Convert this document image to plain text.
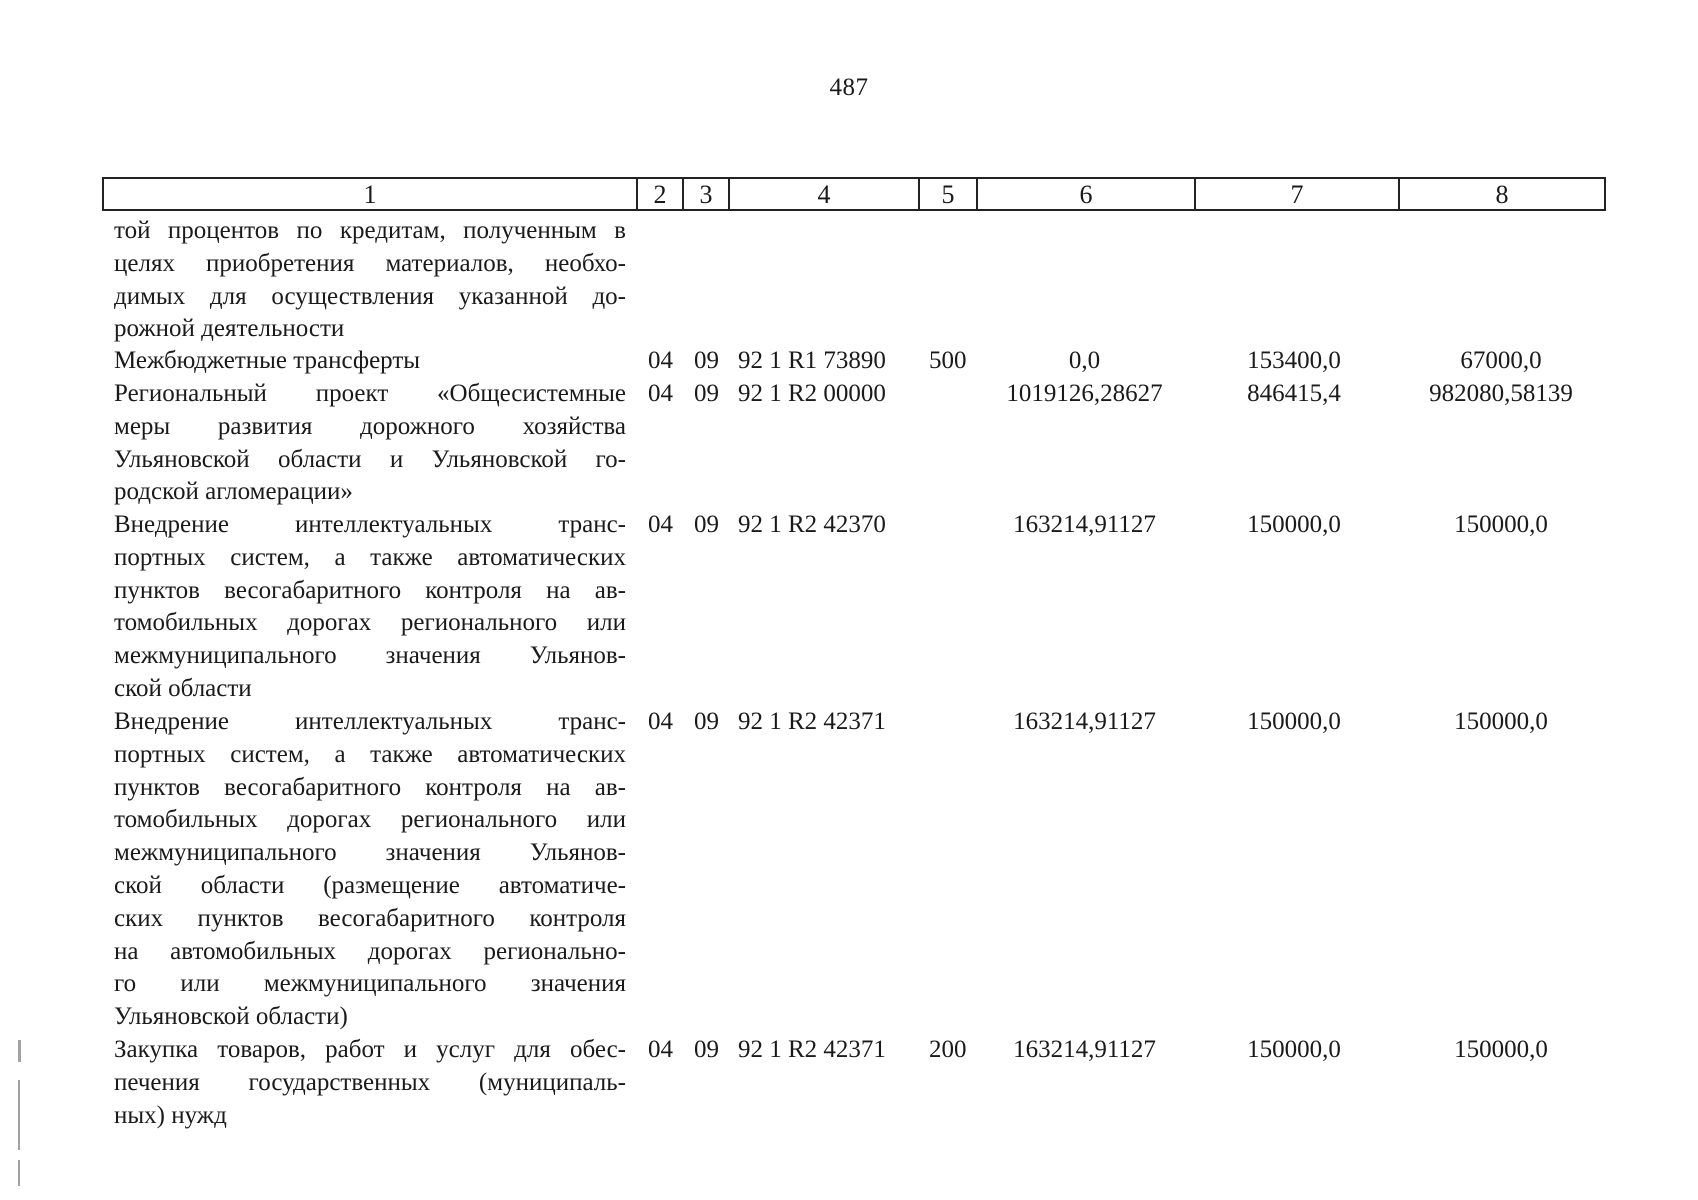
487
1	2	3	4	5	6	7	8
той процентов по кредитам, полученным в
целях приобретения материалов, необхо-
димых для осуществления указанной до-
рожной деятельности
Межбюджетные трансферты	04 09 92 1 R1 73890 500	0,0	153400,0	67000,0
Региональный проект «Общесистемные
меры развития дорожного хозяйства
Ульяновской области и Ульяновской го-
родской агломерации»
04 09 92 1 R2 00000	1019126,28627	846415,4	982080,58139
Внедрение интеллектуальных транс-
портных систем, а также автоматических
пунктов весогабаритного контроля на ав-
томобильных дорогах регионального или
межмуниципального значения Ульянов-
ской области
04 09 92 1 R2 42370	163214,91127	150000,0	150000,0
Внедрение интеллектуальных транс-
портных систем, а также автоматических
пунктов весогабаритного контроля на ав-
томобильных дорогах регионального или
межмуниципального значения Ульянов-
ской области (размещение автоматиче-
ских пунктов весогабаритного контроля
на автомобильных дорогах регионально-
го или межмуниципального значения
Ульяновской области)
04 09 92 1 R2 42371	163214,91127	150000,0	150000,0
Закупка товаров, работ и услуг для обес-
печения государственных (муниципаль-
ных) нужд
04 09 92 1 R2 42371 200	163214,91127	150000,0	150000,0
